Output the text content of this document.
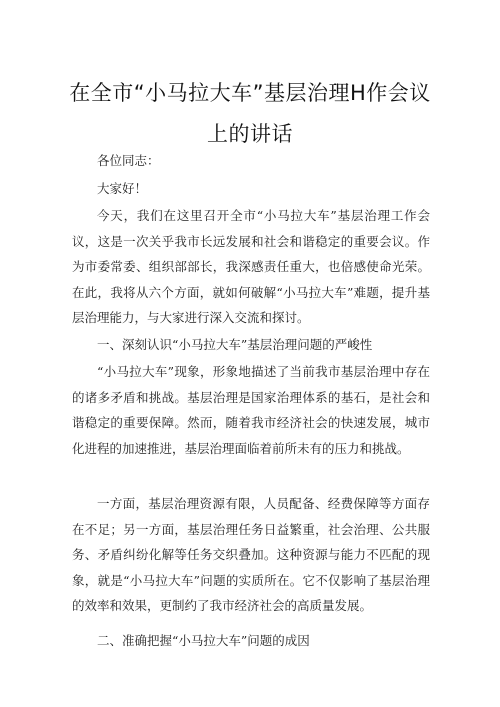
在全市“小马拉大车”基层治理H作会议
上的讲话

各位同志：

大家好！

今天，我们在这里召开全市“小马拉大车”基层治理工作会议，这是一次关乎我市长远发展和社会和谐稳定的重要会议。作为市委常委、组织部部长，我深感责任重大，也倍感使命光荣。在此，我将从六个方面，就如何破解“小马拉大车”难题，提升基层治理能力，与大家进行深入交流和探讨。

一、深刻认识“小马拉大车”基层治理问题的严峻性

“小马拉大车”现象，形象地描述了当前我市基层治理中存在的诸多矛盾和挑战。基层治理是国家治理体系的基石，是社会和谐稳定的重要保障。然而，随着我市经济社会的快速发展，城市化进程的加速推进，基层治理面临着前所未有的压力和挑战。

一方面，基层治理资源有限，人员配备、经费保障等方面存在不足；另一方面，基层治理任务日益繁重，社会治理、公共服务、矛盾纠纷化解等任务交织叠加。这种资源与能力不匹配的现象，就是“小马拉大车”问题的实质所在。它不仅影响了基层治理的效率和效果，更制约了我市经济社会的高质量发展。

二、准确把握“小马拉大车”问题的成因
